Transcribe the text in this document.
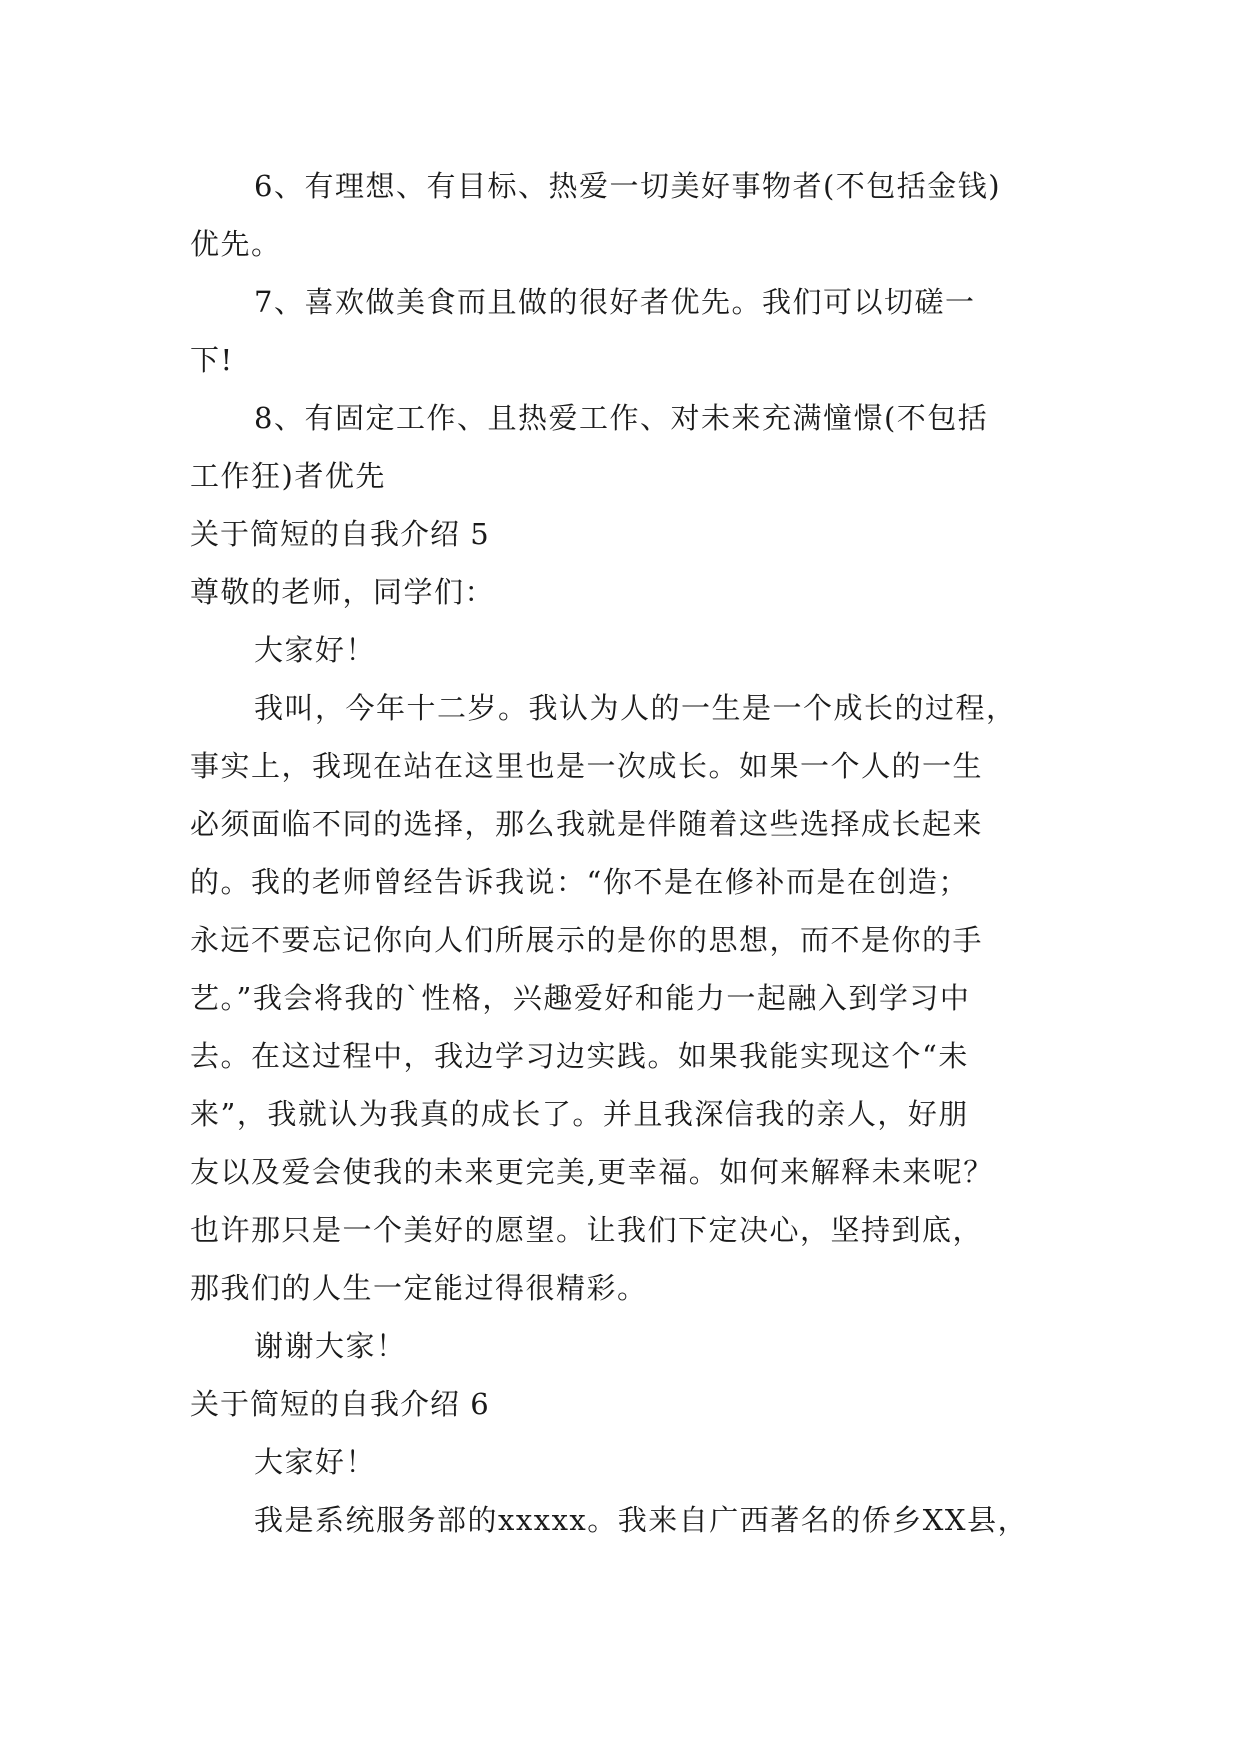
6、有理想、有目标、热爱一切美好事物者(不包括金钱)
优先。
7、喜欢做美食而且做的很好者优先。我们可以切磋一
下!
8、有固定工作、且热爱工作、对未来充满憧憬(不包括
工作狂)者优先
关于简短的自我介绍 5
尊敬的老师，同学们：
大家好！
我叫，今年十二岁。我认为人的一生是一个成长的过程，
事实上，我现在站在这里也是一次成长。如果一个人的一生
必须面临不同的选择，那么我就是伴随着这些选择成长起来
的。我的老师曾经告诉我说：“你不是在修补而是在创造；
永远不要忘记你向人们所展示的是你的思想，而不是你的手
艺。”我会将我的`性格，兴趣爱好和能力一起融入到学习中
去。在这过程中，我边学习边实践。如果我能实现这个“未
来”，我就认为我真的成长了。并且我深信我的亲人，好朋
友以及爱会使我的未来更完美,更幸福。如何来解释未来呢？
也许那只是一个美好的愿望。让我们下定决心，坚持到底，
那我们的人生一定能过得很精彩。
谢谢大家！
关于简短的自我介绍 6
大家好！
我是系统服务部的xxxxx。我来自广西著名的侨乡XX县，
